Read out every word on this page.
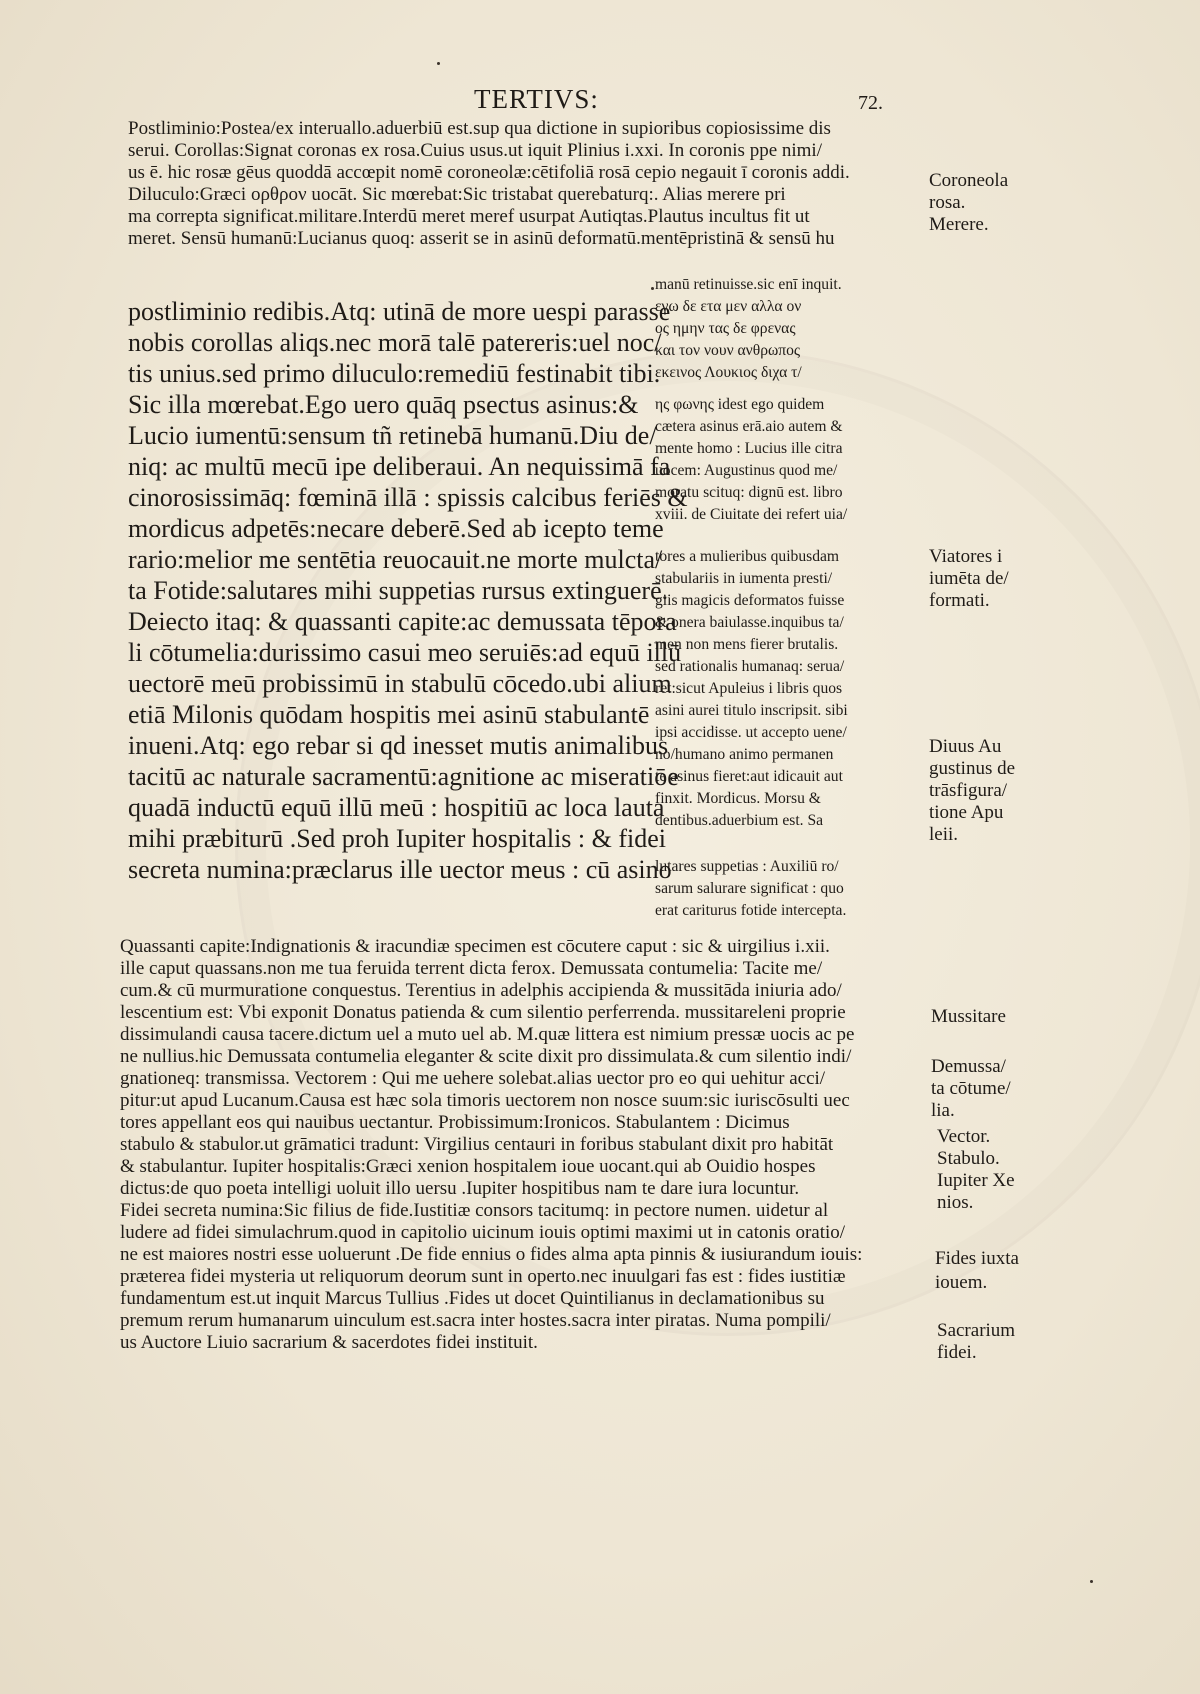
TERTIVS:	72.
Postliminio:Postea/ex interuallo.aduerbiū est.sup qua dictione in supioribus copiosissime dis
serui. Corollas:Signat coronas ex rosa.Cuius usus.ut iquit Plinius i.xxi. In coronis ppe nimi/
us ē. hic rosæ gēus quoddā accœpit nomē coroneolæ:cētifoliā rosā cepio negauit ī coronis addi.
Diluculo:Græci ορθρον uocāt. Sic mœrebat:Sic tristabat querebaturq:. Alias merere pri
ma correpta significat.militare.Interdū meret meref usurpat Autiqtas.Plautus incultus fit ut
meret. Sensū humanū:Lucianus quoq: asserit se in asinū deformatū.mentēpristinā & sensū hu
postliminio redibis.Atq: utinā de more uespi parasse
nobis corollas aliqs.nec morā talē patereris:uel noc/
tis unius.sed primo diluculo:remediū festinabit tibi.
Sic illa mœrebat.Ego uero quāq psectus asinus:&
Lucio iumentū:sensum tñ retinebā humanū.Diu de/
niq: ac multū mecū ipe deliberaui. An nequissimā fa
cinorosissimāq: fœminā illā : spissis calcibus feriēs &
mordicus adpetēs:necare deberē.Sed ab icepto teme
rario:melior me sentētia reuocauit.ne morte mulcta/
ta Fotide:salutares mihi suppetias rursus extinguerē.
Deiecto itaq: & quassanti capite:ac demussata tēpora
li cōtumelia:durissimo casui meo seruiēs:ad equū illū
uectorē meū probissimū in stabulū cōcedo.ubi alium
etiā Milonis quōdam hospitis mei asinū stabulantē
inueni.Atq: ego rebar si qd inesset mutis animalibus
tacitū ac naturale sacramentū:agnitione ac miseratiōe
quadā inductū equū illū meū : hospitiū ac loca lauta
mihi præbiturū .Sed proh Iupiter hospitalis : & fidei
secreta numina:præclarus ille uector meus : cū asino
manū retinuisse.sic enī inquit.
εγω δε ετα μεν αλλα ον
ος ημην τας δε φρενας
και τον νουν ανθρωπος
εκεινος Λουκιος διχα τ/
ης φωνης idest ego quidem
cætera asinus erā.aio autem &
mente homo : Lucius ille citra
uocem: Augustinus quod me/
moratu scituq: dignū est. libro
xviii. de Ciuitate dei refert uia/
tores a mulieribus quibusdam
stabulariis in iumenta presti/
giis magicis deformatos fuisse
& onera baiulasse.inquibus ta/
men non mens fierer brutalis.
sed rationalis humanaq: serua/
ret:sicut Apuleius i libris quos
asini aurei titulo inscripsit. sibi
ipsi accidisse. ut accepto uene/
no/humano animo permanen
te asinus fieret:aut idicauit aut
finxit. Mordicus. Morsu &
dentibus.aduerbium est. Sa
lutares suppetias : Auxiliū ro/
sarum salurare significat : quo
erat cariturus fotide intercepta.
Quassanti capite:Indignationis & iracundiæ specimen est cōcutere caput : sic & uirgilius i.xii.
ille caput quassans.non me tua feruida terrent dicta ferox. Demussata contumelia: Tacite me/
cum.& cū murmuratione conquestus. Terentius in adelphis accipienda & mussitāda iniuria ado/
lescentium est: Vbi exponit Donatus patienda & cum silentio perferrenda. mussitareleni proprie
dissimulandi causa tacere.dictum uel a muto uel ab. M.quæ littera est nimium pressæ uocis ac pe
ne nullius.hic Demussata contumelia eleganter & scite dixit pro dissimulata.& cum silentio indi/
gnationeq: transmissa. Vectorem : Qui me uehere solebat.alias uector pro eo qui uehitur acci/
pitur:ut apud Lucanum.Causa est hæc sola timoris uectorem non nosce suum:sic iuriscōsulti uec
tores appellant eos qui nauibus uectantur. Probissimum:Ironicos. Stabulantem : Dicimus
stabulo & stabulor.ut grāmatici tradunt: Virgilius centauri in foribus stabulant dixit pro habitāt
& stabulantur. Iupiter hospitalis:Græci xenion hospitalem ioue uocant.qui ab Ouidio hospes
dictus:de quo poeta intelligi uoluit illo uersu .Iupiter hospitibus nam te dare iura locuntur.
Fidei secreta numina:Sic filius de fide.Iustitiæ consors tacitumq: in pectore numen. uidetur al
ludere ad fidei simulachrum.quod in capitolio uicinum iouis optimi maximi ut in catonis oratio/
ne est maiores nostri esse uoluerunt .De fide ennius o fides alma apta pinnis & iusiurandum iouis:
præterea fidei mysteria ut reliquorum deorum sunt in operto.nec inuulgari fas est : fides iustitiæ
fundamentum est.ut inquit Marcus Tullius .Fides ut docet Quintilianus in declamationibus su
premum rerum humanarum uinculum est.sacra inter hostes.sacra inter piratas. Numa pompili/
us Auctore Liuio sacrarium & sacerdotes fidei instituit.
Coroneola
rosa.
Merere.
Viatores i
iumēta de/
formati.
Diuus Au
gustinus de
trāsfigura/
tione Apu
leii.
Mussitare
Demussa/
ta cōtume/
lia.
Vector.
Stabulo.
Iupiter Xe
nios.
Fides iuxta
iouem.
Sacrarium
fidei.
